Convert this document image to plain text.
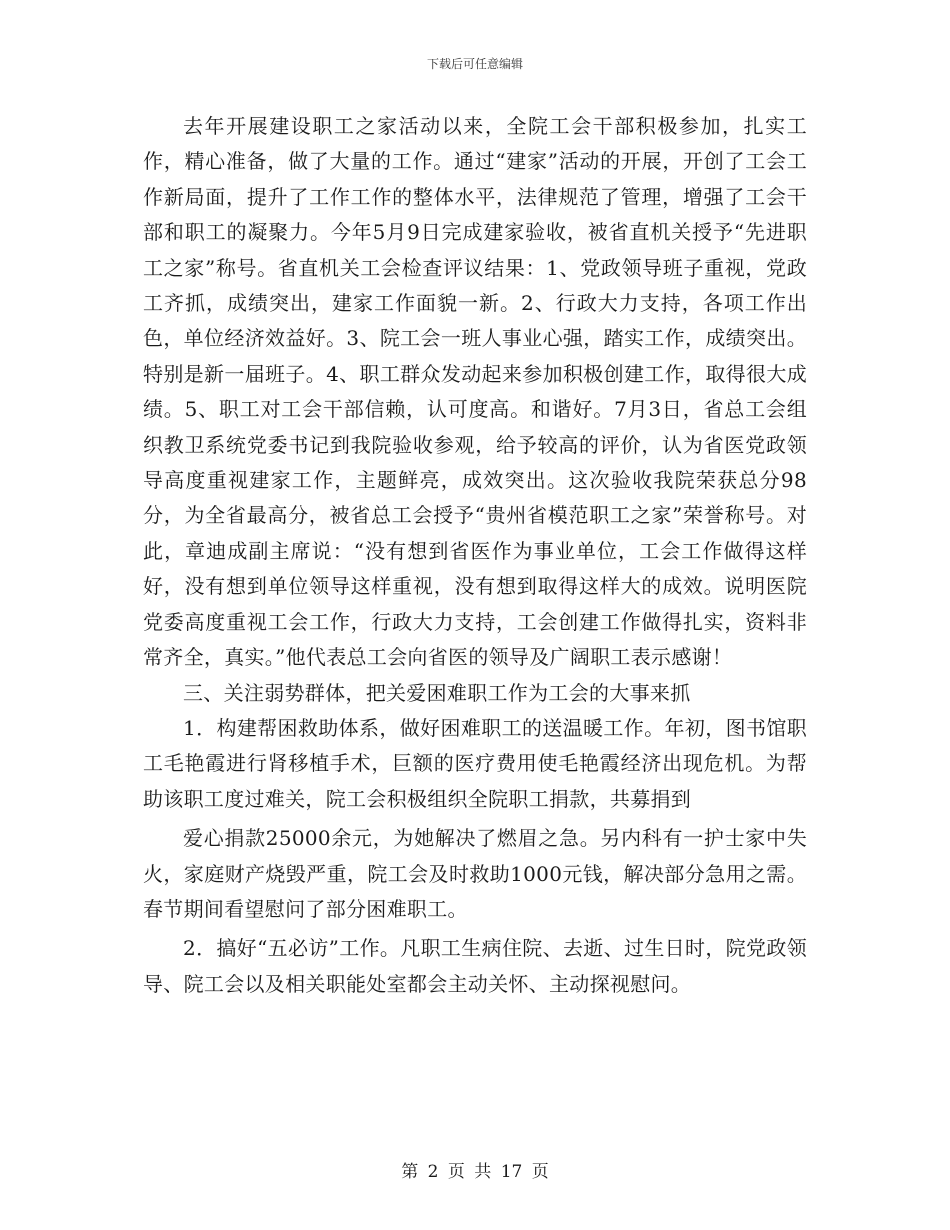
下载后可任意编辑

去年开展建设职工之家活动以来，全院工会干部积极参加，扎实工作，精心准备，做了大量的工作。通过“建家”活动的开展，开创了工会工作新局面，提升了工作工作的整体水平，法律规范了管理，增强了工会干部和职工的凝聚力。今年5月9日完成建家验收，被省直机关授予“先进职工之家”称号。省直机关工会检查评议结果：1、党政领导班子重视，党政工齐抓，成绩突出，建家工作面貌一新。2、行政大力支持，各项工作出色，单位经济效益好。3、院工会一班人事业心强，踏实工作，成绩突出。特别是新一届班子。4、职工群众发动起来参加积极创建工作，取得很大成绩。5、职工对工会干部信赖，认可度高。和谐好。7月3日，省总工会组织教卫系统党委书记到我院验收参观，给予较高的评价，认为省医党政领导高度重视建家工作，主题鲜亮，成效突出。这次验收我院荣获总分98分，为全省最高分，被省总工会授予“贵州省模范职工之家”荣誉称号。对此，章迪成副主席说：“没有想到省医作为事业单位，工会工作做得这样好，没有想到单位领导这样重视，没有想到取得这样大的成效。说明医院党委高度重视工会工作，行政大力支持，工会创建工作做得扎实，资料非常齐全，真实。”他代表总工会向省医的领导及广阔职工表示感谢！

三、关注弱势群体，把关爱困难职工作为工会的大事来抓

1．构建帮困救助体系，做好困难职工的送温暖工作。年初，图书馆职工毛艳霞进行肾移植手术，巨额的医疗费用使毛艳霞经济出现危机。为帮助该职工度过难关，院工会积极组织全院职工捐款，共募捐到

爱心捐款25000余元，为她解决了燃眉之急。另内科有一护士家中失火，家庭财产烧毁严重，院工会及时救助1000元钱，解决部分急用之需。春节期间看望慰问了部分困难职工。

2．搞好“五必访”工作。凡职工生病住院、去逝、过生日时，院党政领导、院工会以及相关职能处室都会主动关怀、主动探视慰问。

第 2 页 共 17 页
